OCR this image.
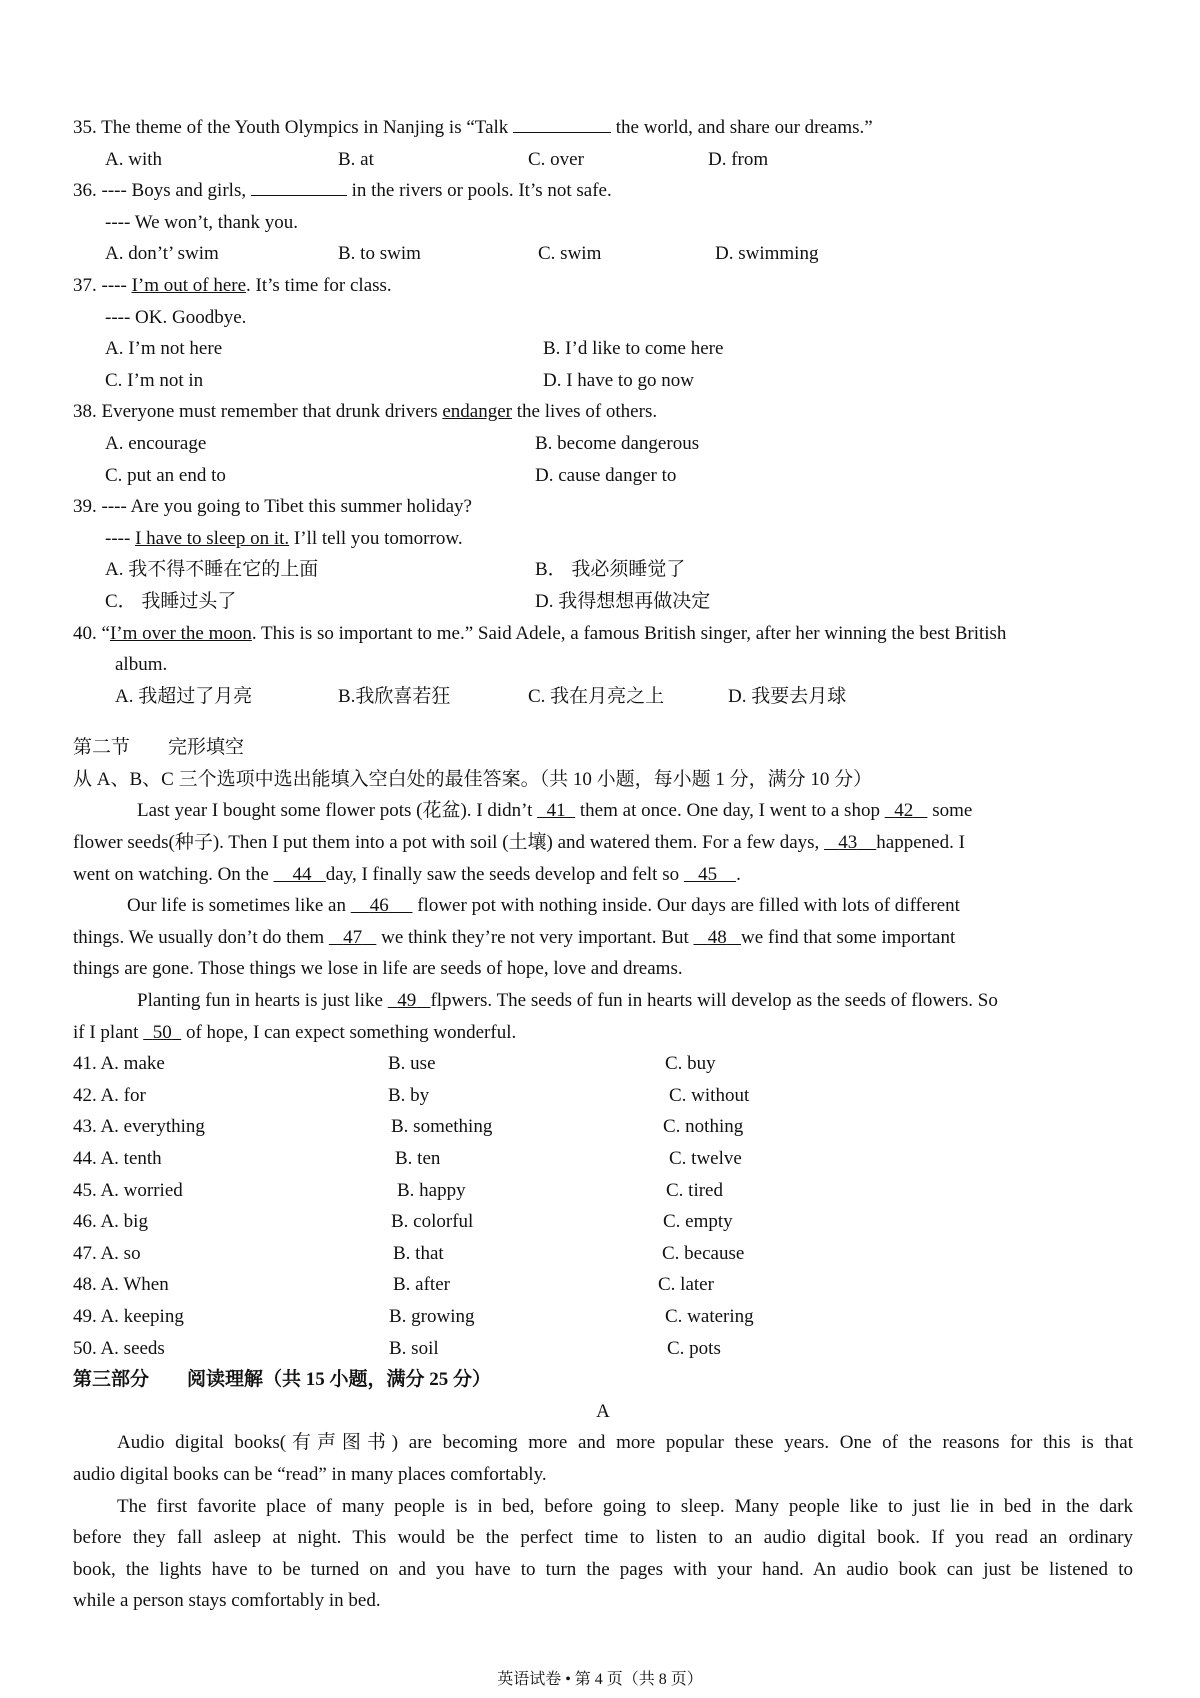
35. The theme of the Youth Olympics in Nanjing is “Talk	the world, and share our dreams.”
A. with	B. at	C. over	D. from
36. ---- Boys and girls,	in the rivers or pools. It’s not safe.
---- We won’t, thank you.
A. don’t’ swim	B. to swim	C. swim	D. swimming
37. ---- I’m out of here. It’s time for class.
---- OK. Goodbye.
A. I’m not here	B. I’d like to come here
C. I’m not in	D. I have to go now
38. Everyone must remember that drunk drivers endanger the lives of others.
A. encourage	B. become dangerous
C. put an end to	D. cause danger to
39. ---- Are you going to Tibet this summer holiday?
---- I have to sleep on it. I’ll tell you tomorrow.
A. 我不得不睡在它的上面	B． 我必须睡觉了
C． 我睡过头了	D. 我得想想再做决定
40. “I’m over the moon. This is so important to me.” Said Adele, a famous British singer, after her winning the best British
album.
A. 我超过了月亮	B.我欣喜若狂	C. 我在月亮之上	D. 我要去月球
第二节　　完形填空
从 A、B、C 三个选项中选出能填入空白处的最佳答案。（共 10 小题，每小题 1 分，满分 10 分）
Last year I bought some flower pots (花盆). I didn’t   41   them at once. One day, I went to a shop   42    some
flower seeds(种子). Then I put them into a pot with soil (土壤) and watered them. For a few days,    43 happened. I
went on watching. On the     44 day, I finally saw the seeds develop and felt so    45 .
Our life is sometimes like an     46      flower pot with nothing inside. Our days are filled with lots of different
things. We usually don’t do them    47    we think they’re not very important. But    48 we find that some important
things are gone. Those things we lose in life are seeds of hope, love and dreams.
Planting fun in hearts is just like   49 flpwers. The seeds of fun in hearts will develop as the seeds of flowers. So
if I plant   50   of hope, I can expect something wonderful.
41. A. make	B. use	C. buy
42. A. for	B. by	C. without
43. A. everything	B. something	C. nothing
44. A. tenth	B. ten	C. twelve
45. A. worried	B. happy	C. tired
46. A. big	B. colorful	C. empty
47. A. so	B. that	C. because
48. A. When	B. after	C. later
49. A. keeping	B. growing	C. watering
50. A. seeds	B. soil	C. pots
第三部分　　阅读理解（共 15 小题，满分 25 分）
A
Audio digital books(有声图书) are becoming more and more popular these years. One of the reasons for this is that
audio digital books can be “read” in many places comfortably.
The first favorite place of many people is in bed, before going to sleep. Many people like to just lie in bed in the dark
before they fall asleep at night. This would be the perfect time to listen to an audio digital book. If you read an ordinary
book, the lights have to be turned on and you have to turn the pages with your hand. An audio book can just be listened to
while a person stays comfortably in bed.
英语试卷 • 第 4 页（共 8 页）
